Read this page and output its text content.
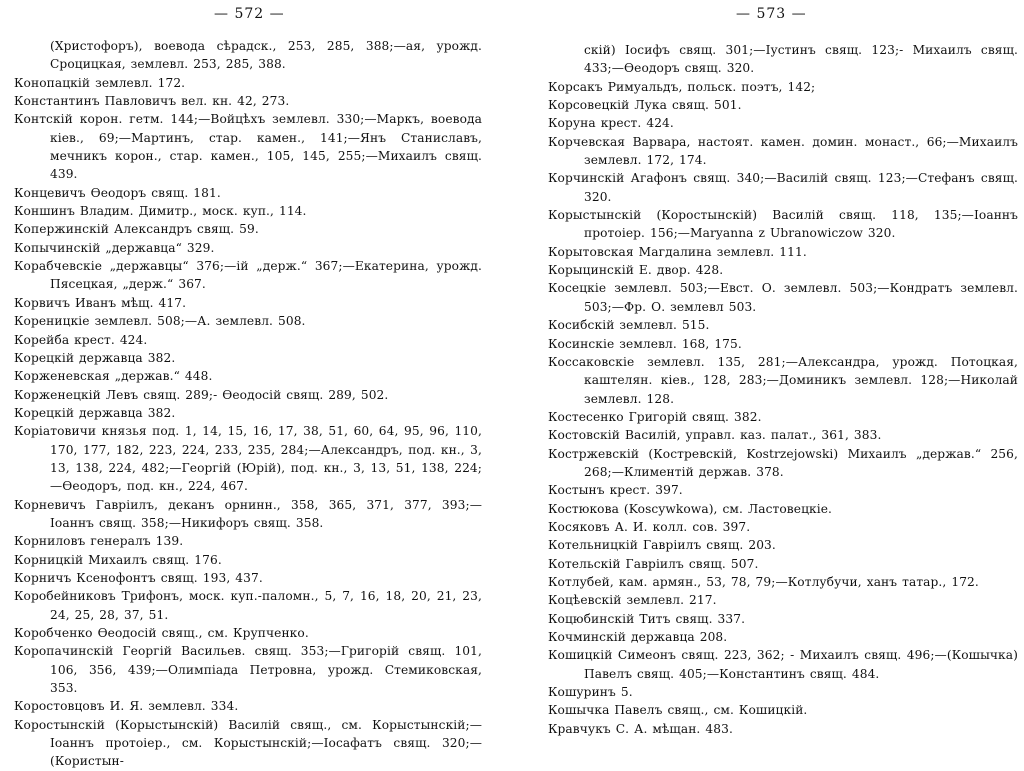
— 572 —
(Христофоръ), воевода сѣрадск., 253, 285, 388;—ая, урожд. Сроцицкая, землевл. 253, 285, 388.
Конопацкій землевл. 172.
Константинъ Павловичъ вел. кн. 42, 273.
Контскій корон. гетм. 144;—Войцѣхъ землевл. 330;—Маркъ, воевода кіев., 69;—Мартинъ, стар. камен., 141;—Янъ Станиславъ, мечникъ корон., стар. камен., 105, 145, 255;—Михаилъ свящ. 439.
Концевичъ Ѳеодоръ свящ. 181.
Коншинъ Владим. Димитр., моск. куп., 114.
Копержинскій Александръ свящ. 59.
Копычинскій „державца“ 329.
Корабчевскіе „державцы“ 376;—ій „держ.“ 367;—Екатерина, урожд. Пясецкая, „держ.“ 367.
Корвичъ Иванъ мѣщ. 417.
Кореницкіе землевл. 508;—А. землевл. 508.
Корейба крест. 424.
Корецкій державца 382.
Корженевская „держав.“ 448.
Корженецкій Левъ свящ. 289;- Ѳеодосій свящ. 289, 502.
Корецкій державца 382.
Коріатовичи князья под. 1, 14, 15, 16, 17, 38, 51, 60, 64, 95, 96, 110, 170, 177, 182, 223, 224, 233, 235, 284;—Александръ, под. кн., 3, 13, 138, 224, 482;—Георгій (Юрій), под. кн., 3, 13, 51, 138, 224;—Ѳеодоръ, под. кн., 224, 467.
Корневичъ Гавріилъ, деканъ орнинн., 358, 365, 371, 377, 393;—Іоаннъ свящ. 358;—Никифоръ свящ. 358.
Корниловъ генералъ 139.
Корницкій Михаилъ свящ. 176.
Корничъ Ксенофонтъ свящ. 193, 437.
Коробейниковъ Трифонъ, моск. куп.-паломн., 5, 7, 16, 18, 20, 21, 23, 24, 25, 28, 37, 51.
Коробченко Ѳеодосій свящ., см. Крупченко.
Коропачинскій Георгій Васильев. свящ. 353;—Григорій свящ. 101, 106, 356, 439;—Олимпіада Петровна, урожд. Стемиковская, 353.
Коростовцовъ И. Я. землевл. 334.
Коростынскій (Корыстынскій) Василій свящ., см. Корыстынскій;—Іоаннъ протоіер., см. Корыстынскій;—Іосафатъ свящ. 320;—(Користын-
— 573 —
скій) Іосифъ свящ. 301;—Іустинъ свящ. 123;- Михаилъ свящ. 433;—Ѳеодоръ свящ. 320.
Корсакъ Римуальдъ, польск. поэтъ, 142;
Корсовецкій Лука свящ. 501.
Коруна крест. 424.
Корчевская Варвара, настоят. камен. домин. монаст., 66;—Михаилъ землевл. 172, 174.
Корчинскій Агафонъ свящ. 340;—Василій свящ. 123;—Стефанъ свящ. 320.
Корыстынскій (Коростынскій) Василій свящ. 118, 135;—Іоаннъ протоіер. 156;—Maryanna z Ubranowiczow 320.
Корытовская Магдалина землевл. 111.
Корыцинскій Е. двор. 428.
Косецкіе землевл. 503;—Евст. О. землевл. 503;—Кондратъ землевл. 503;—Фр. О. землевл 503.
Косибскій землевл. 515.
Косинскіе землевл. 168, 175.
Коссаковскіе землевл. 135, 281;—Александра, урожд. Потоцкая, каштелян. кіев., 128, 283;—Доминикъ землевл. 128;—Николай землевл. 128.
Костесенко Григорій свящ. 382.
Костовскій Василій, управл. каз. палат., 361, 383.
Костржевскій (Костревскій, Kostrzejowski) Михаилъ „держав.“ 256, 268;—Климентій держав. 378.
Костынъ крест. 397.
Костюкова (Koscywkowa), см. Ластовецкіе.
Косяковъ А. И. колл. сов. 397.
Котельницкій Гавріилъ свящ. 203.
Котельскій Гавріилъ свящ. 507.
Котлубей, кам. армян., 53, 78, 79;—Котлубучи, ханъ татар., 172.
Коцѣевскій землевл. 217.
Коцюбинскій Титъ свящ. 337.
Кочминскій державца 208.
Кошицкій Симеонъ свящ. 223, 362; - Михаилъ свящ. 496;—(Кошычка) Павелъ свящ. 405;—Константинъ свящ. 484.
Кошуринъ 5.
Кошычка Павелъ свящ., см. Кошицкій.
Кравчукъ С. А. мѣщан. 483.
